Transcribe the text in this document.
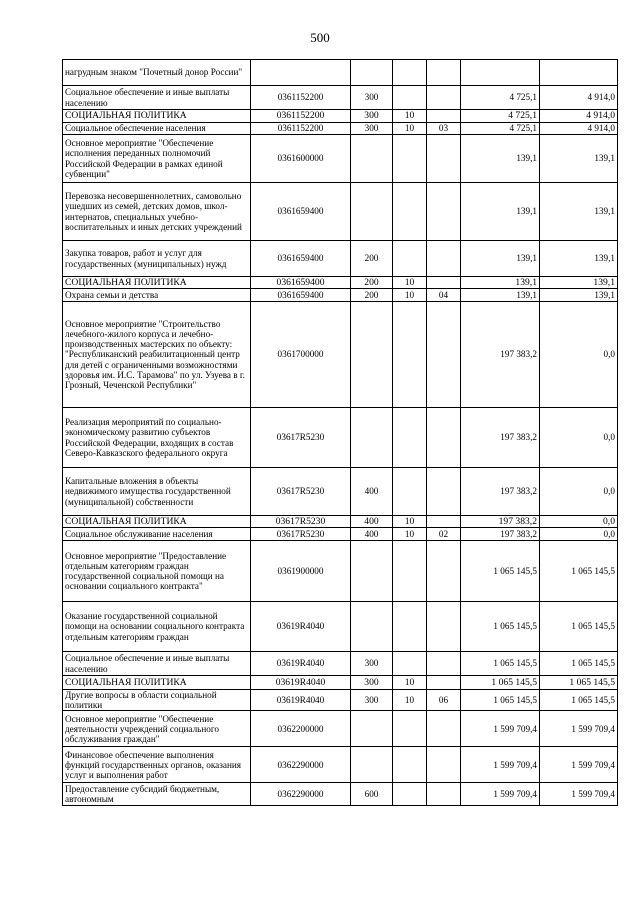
500
нагрудным знаком "Почетный донор России"						
Социальное обеспечение и иные выплаты населению	0361152200	300			4 725,1	4 914,0
СОЦИАЛЬНАЯ ПОЛИТИКА	0361152200	300	10		4 725,1	4 914,0
Социальное обеспечение населения	0361152200	300	10	03	4 725,1	4 914,0
Основное мероприятие "Обеспечение исполнения переданных полномочий Российской Федерации в рамках единой субвенции"	0361600000				139,1	139,1
Перевозка несовершеннолетних, самовольно ушедших из семей, детских домов, школ-интернатов, специальных учебно-воспитательных и иных детских учреждений	0361659400				139,1	139,1
Закупка товаров, работ и услуг для государственных (муниципальных) нужд	0361659400	200			139,1	139,1
СОЦИАЛЬНАЯ ПОЛИТИКА	0361659400	200	10		139,1	139,1
Охрана семьи и детства	0361659400	200	10	04	139,1	139,1
Основное мероприятие "Строительство лечебного-жилого корпуса и лечебно-производственных мастерских по объекту: "Республиканский реабилитационный центр для детей с ограниченными возможностями здоровья им. И.С. Тарамова" по ул. Узуева в г. Грозный, Чеченской Республики"	0361700000				197 383,2	0,0
Реализация мероприятий по социально-экономическому развитию субъектов Российской Федерации, входящих в состав Северо-Кавказского федерального округа	03617R5230				197 383,2	0,0
Капитальные вложения в объекты недвижимого имущества государственной (муниципальной) собственности	03617R5230	400			197 383,2	0,0
СОЦИАЛЬНАЯ ПОЛИТИКА	03617R5230	400	10		197 383,2	0,0
Социальное обслуживание населения	03617R5230	400	10	02	197 383,2	0,0
Основное мероприятие "Предоставление отдельным категориям граждан государственной социальной помощи на основании социального контракта"	0361900000				1 065 145,5	1 065 145,5
Оказание государственной социальной помощи на основании социального контракта отдельным категориям граждан	03619R4040				1 065 145,5	1 065 145,5
Социальное обеспечение и иные выплаты населению	03619R4040	300			1 065 145,5	1 065 145,5
СОЦИАЛЬНАЯ ПОЛИТИКА	03619R4040	300	10		1 065 145,5	1 065 145,5
Другие вопросы в области социальной политики	03619R4040	300	10	06	1 065 145,5	1 065 145,5
Основное мероприятие "Обеспечение деятельности учреждений социального обслуживания граждан"	0362200000				1 599 709,4	1 599 709,4
Финансовое обеспечение выполнения функций государственных органов, оказания услуг и выполнения работ	0362290000				1 599 709,4	1 599 709,4
Предоставление субсидий бюджетным, автономным	0362290000	600			1 599 709,4	1 599 709,4
